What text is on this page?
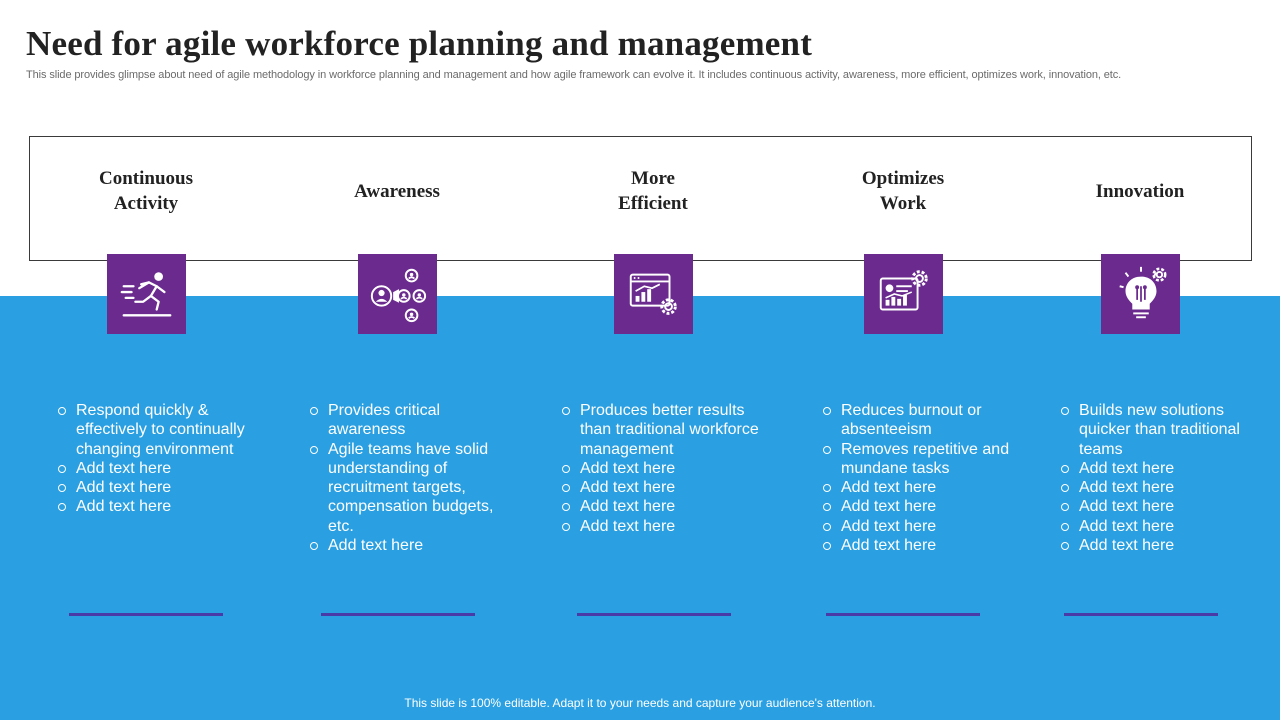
Need for agile workforce planning and management
This slide provides glimpse about need of agile methodology in workforce planning and management and how agile framework can evolve it. It includes continuous activity, awareness, more efficient, optimizes work, innovation, etc.
Continuous
Activity
Respond quickly & effectively to continually changing environment
Add text here
Add text here
Add text here
Awareness
Provides critical awareness
Agile teams have solid understanding of recruitment targets, compensation budgets, etc.
Add text here
More
Efficient
Produces better results than traditional workforce management
Add text here
Add text here
Add text here
Add text here
Optimizes
Work
Reduces burnout or absenteeism
Removes repetitive and mundane tasks
Add text here
Add text here
Add text here
Add text here
Innovation
Builds new solutions quicker than traditional teams
Add text here
Add text here
Add text here
Add text here
Add text here
This slide is 100% editable. Adapt it to your needs and capture your audience's attention.
